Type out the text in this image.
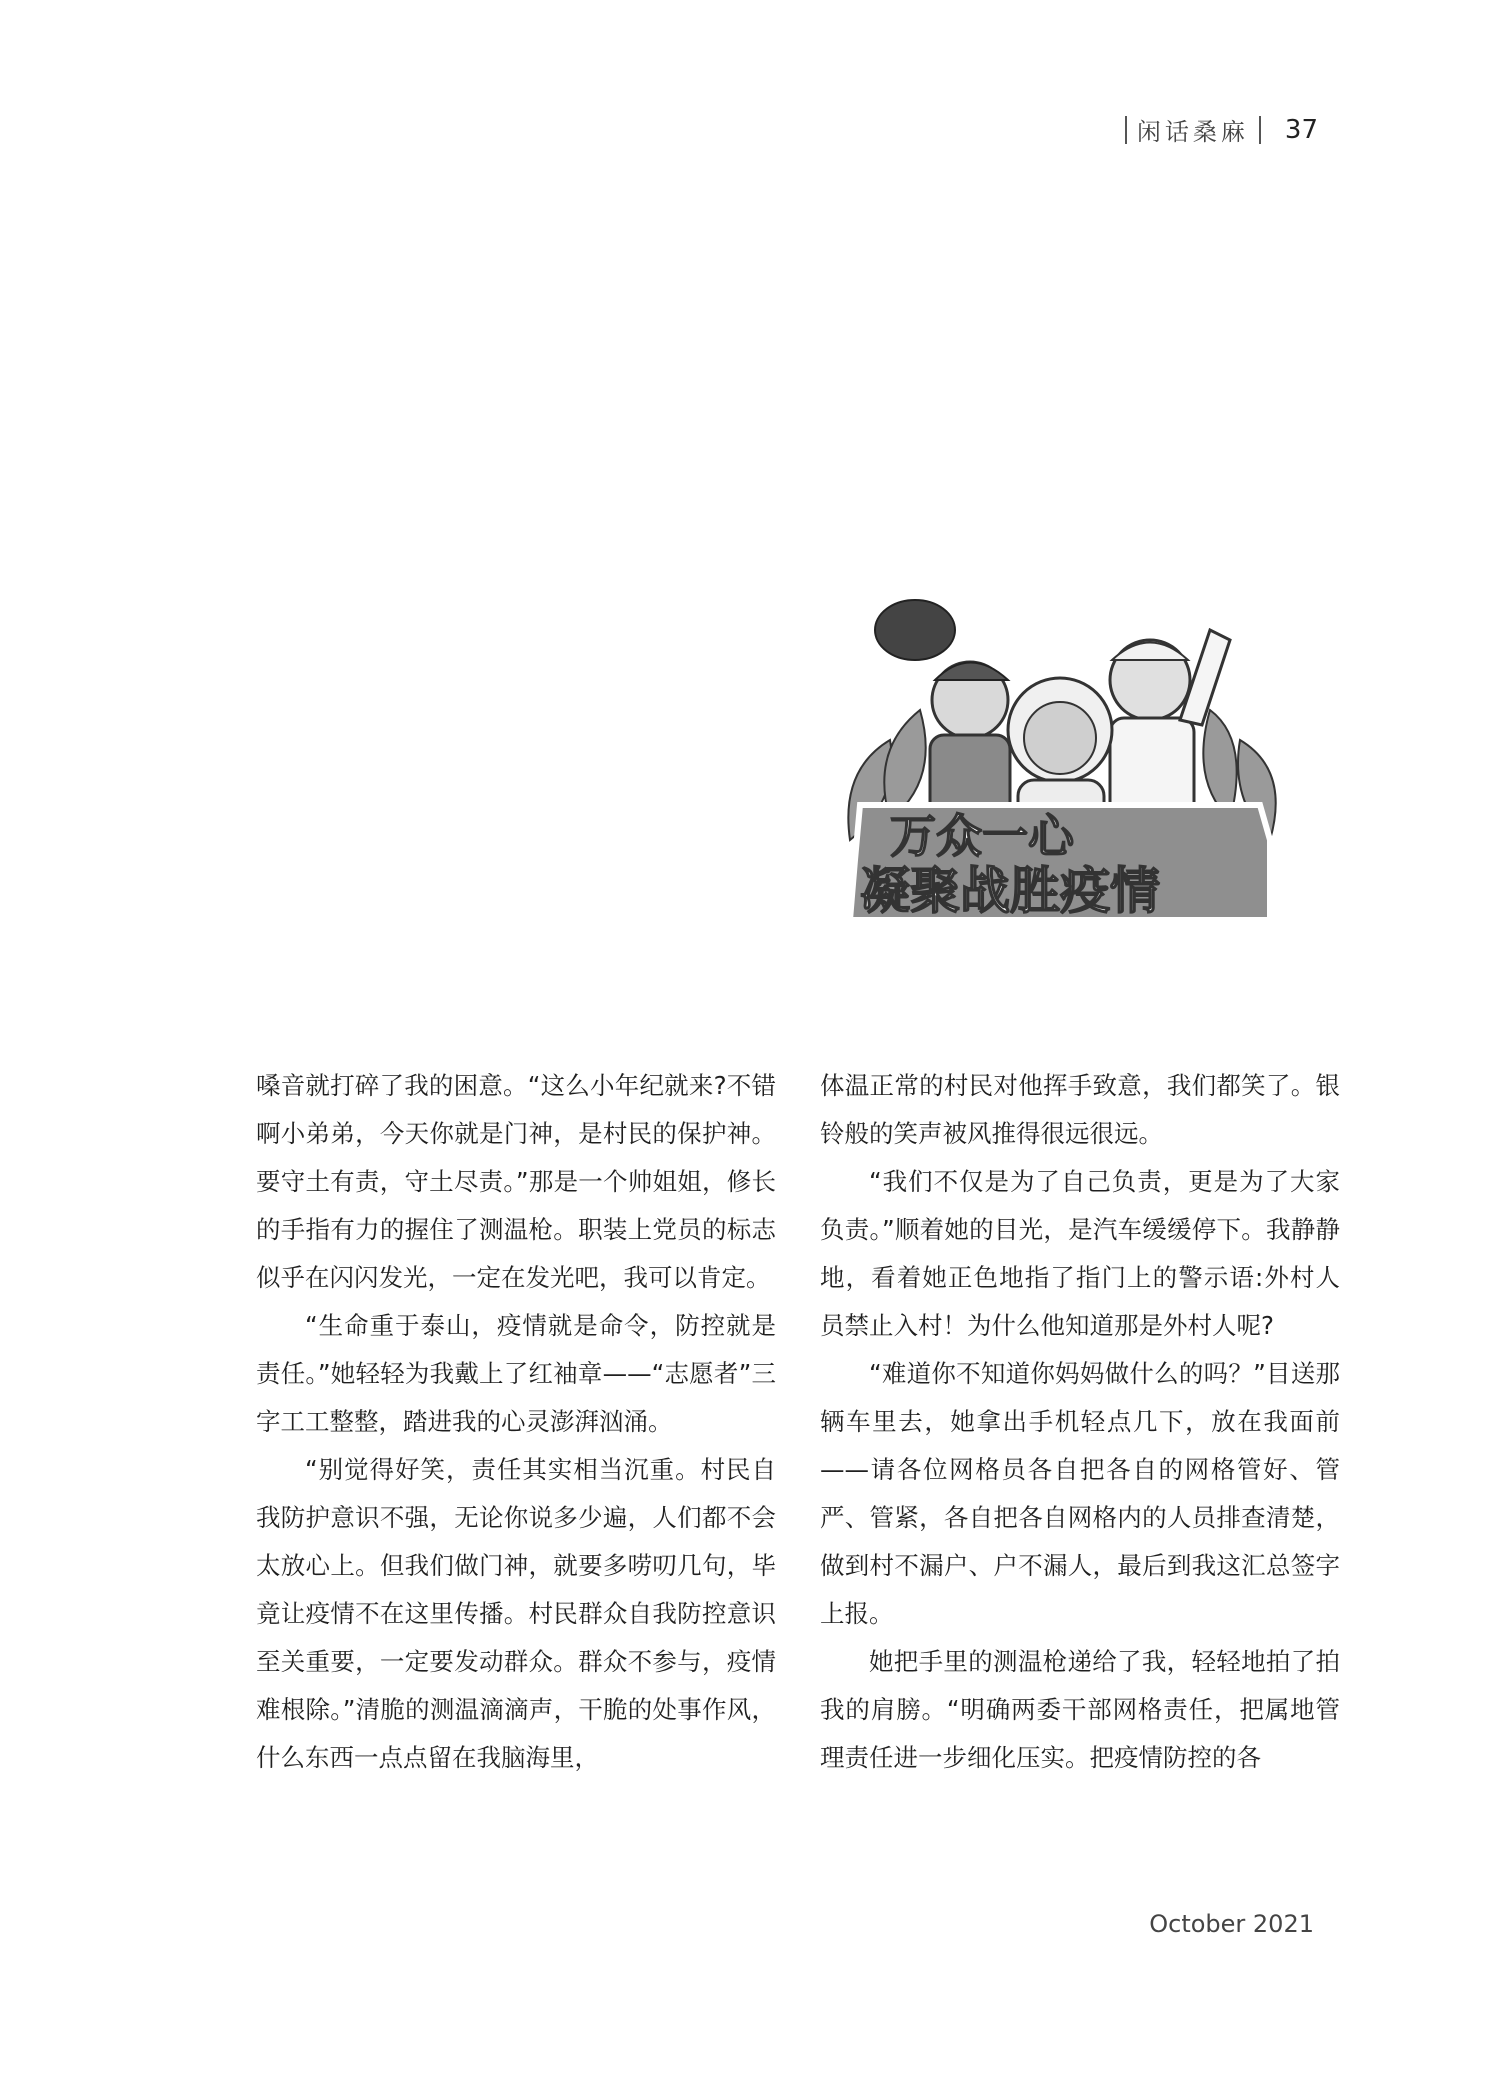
闲话桑麻 37
万众一心
凝聚战胜疫情

嗓音就打碎了我的困意。“这么小年纪就来?不错啊小弟弟，今天你就是门神，是村民的保护神。要守土有责，守土尽责。”那是一个帅姐姐，修长的手指有力的握住了测温枪。职装上党员的标志似乎在闪闪发光，一定在发光吧，我可以肯定。

“生命重于泰山，疫情就是命令，防控就是责任。”她轻轻为我戴上了红袖章——“志愿者”三字工工整整，踏进我的心灵澎湃汹涌。

“别觉得好笑，责任其实相当沉重。村民自我防护意识不强，无论你说多少遍，人们都不会太放心上。但我们做门神，就要多唠叨几句，毕竟让疫情不在这里传播。村民群众自我防控意识至关重要，一定要发动群众。群众不参与，疫情难根除。”清脆的测温滴滴声，干脆的处事作风，什么东西一点点留在我脑海里，

体温正常的村民对他挥手致意，我们都笑了。银铃般的笑声被风推得很远很远。

“我们不仅是为了自己负责，更是为了大家负责。”顺着她的目光，是汽车缓缓停下。我静静地，看着她正色地指了指门上的警示语:外村人员禁止入村！为什么他知道那是外村人呢?

“难道你不知道你妈妈做什么的吗？”目送那辆车里去，她拿出手机轻点几下，放在我面前——请各位网格员各自把各自的网格管好、管严、管紧，各自把各自网格内的人员排查清楚，做到村不漏户、户不漏人，最后到我这汇总签字上报。

她把手里的测温枪递给了我，轻轻地拍了拍我的肩膀。“明确两委干部网格责任，把属地管理责任进一步细化压实。把疫情防控的各

October 2021
